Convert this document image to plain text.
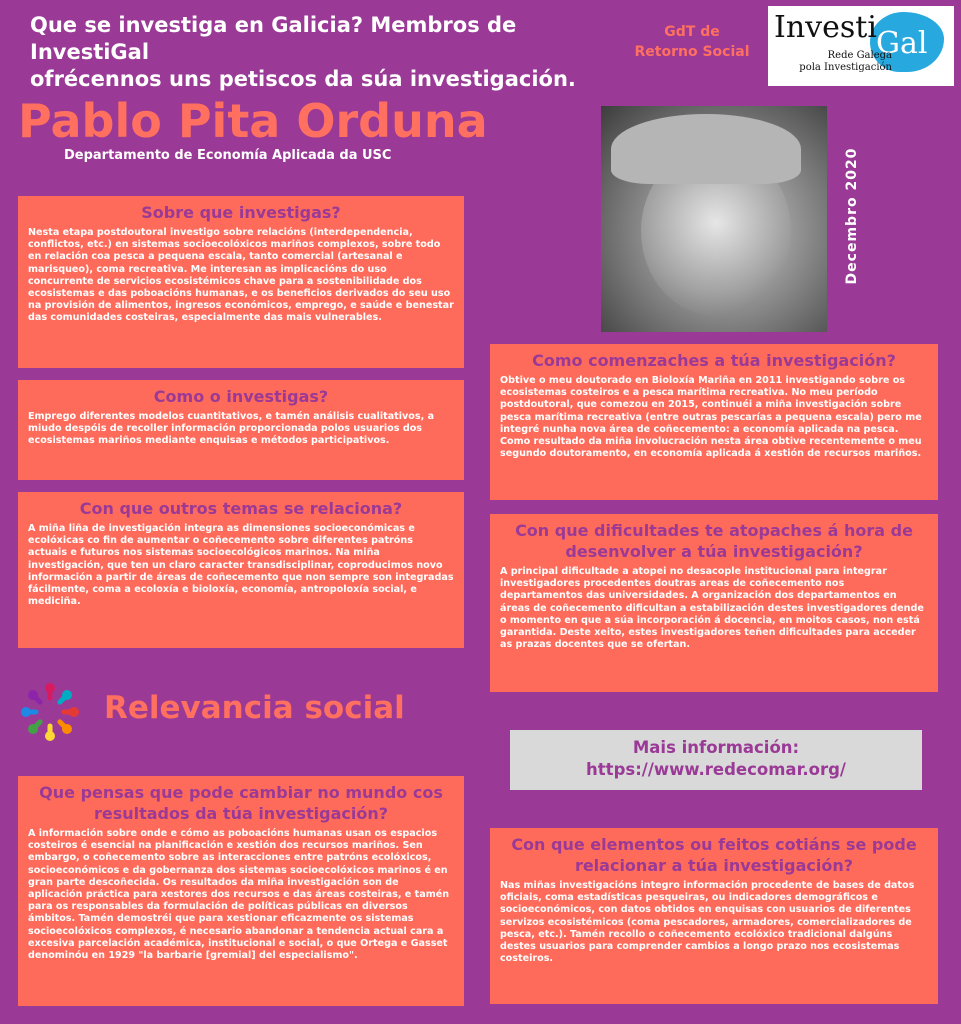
Que se investiga en Galicia? Membros de InvestiGal
ofrécennos uns petiscos da súa investigación.
GdT de
Retorno Social
Investi Gal
Rede Galega
pola Investigación
Pablo Pita Orduna
Departamento de Economía Aplicada da USC	Decembro 2020
Sobre que investigas?

Nesta etapa postdoutoral investigo sobre relacións (interdependencia, conflictos, etc.) en sistemas socioecolóxicos mariños complexos, sobre todo en relación coa pesca a pequena escala, tanto comercial (artesanal e marisqueo), coma recreativa. Me interesan as implicacións do uso concurrente de servicios ecosistémicos chave para a sostenibilidade dos ecosistemas e das poboacións humanas, e os beneficios derivados do seu uso na provisión de alimentos, ingresos económicos, emprego, e saúde e benestar das comunidades costeiras, especialmente das mais vulnerables.

Como o investigas?

Emprego diferentes modelos cuantitativos, e tamén análisis cualitativos, a miudo despóis de recoller información proporcionada polos usuarios dos ecosistemas mariños mediante enquisas e métodos participativos.

Con que outros temas se relaciona?

A miña liña de investigación integra as dimensiones socioeconómicas e ecolóxicas co fin de aumentar o coñecemento sobre diferentes patróns actuais e futuros nos sistemas socioecológicos marinos. Na miña investigación, que ten un claro caracter transdisciplinar, coproducimos novo información a partir de áreas de coñecemento que non sempre son integradas fácilmente, coma a ecoloxía e bioloxía, economía, antropoloxía social, e mediciña.

Como comenzaches a túa investigación?

Obtive o meu doutorado en Bioloxía Mariña en 2011 investigando sobre os ecosistemas costeiros e a pesca marítima recreativa. No meu período postdoutoral, que comezou en 2015, continuéi a miña investigación sobre pesca marítima recreativa (entre outras pescarías a pequena escala) pero me integré nunha nova área de coñecemento: a economía aplicada na pesca. Como resultado da miña involucración nesta área obtive recentemente o meu segundo doutoramento, en economía aplicada á xestión de recursos mariños.

Con que dificultades te atopaches á hora de desenvolver a túa investigación?

A principal dificultade a atopei no desacople institucional para integrar investigadores procedentes doutras areas de coñecemento nos departamentos das universidades. A organización dos departamentos en áreas de coñecemento dificultan a estabilización destes investigadores dende o momento en que a súa incorporación á docencia, en moitos casos, non está garantida. Deste xeito, estes investigadores teñen dificultades para acceder as prazas docentes que se ofertan.

Relevancia social
Mais información:
https://www.redecomar.org/
Que pensas que pode cambiar no mundo cos resultados da túa investigación?

A información sobre onde e cómo as poboacións humanas usan os espacios costeiros é esencial na planificación e xestión dos recursos mariños. Sen embargo, o coñecemento sobre as interacciones entre patróns ecolóxicos, socioeconómicos e da gobernanza dos sistemas socioecolóxicos marinos é en gran parte descoñecida. Os resultados da miña investigación son de aplicación práctica para xestores dos recursos e das áreas costeiras, e tamén para os responsables da formulación de políticas públicas en diversos ámbitos. Tamén demostréi que para xestionar eficazmente os sistemas socioecolóxicos complexos, é necesario abandonar a tendencia actual cara a excesiva parcelación académica, institucional e social, o que Ortega e Gasset denominóu en 1929 "la barbarie [gremial] del especialismo".

Con que elementos ou feitos cotiáns se pode relacionar a túa investigación?

Nas miñas investigacións integro información procedente de bases de datos oficiais, coma estadísticas pesqueiras, ou indicadores demográficos e socioeconómicos, con datos obtidos en enquisas con usuarios de diferentes servizos ecosistémicos (coma pescadores, armadores, comercializadores de pesca, etc.). Tamén recollo o coñecemento ecolóxico tradicional dalgúns destes usuarios para comprender cambios a longo prazo nos ecosistemas costeiros.
